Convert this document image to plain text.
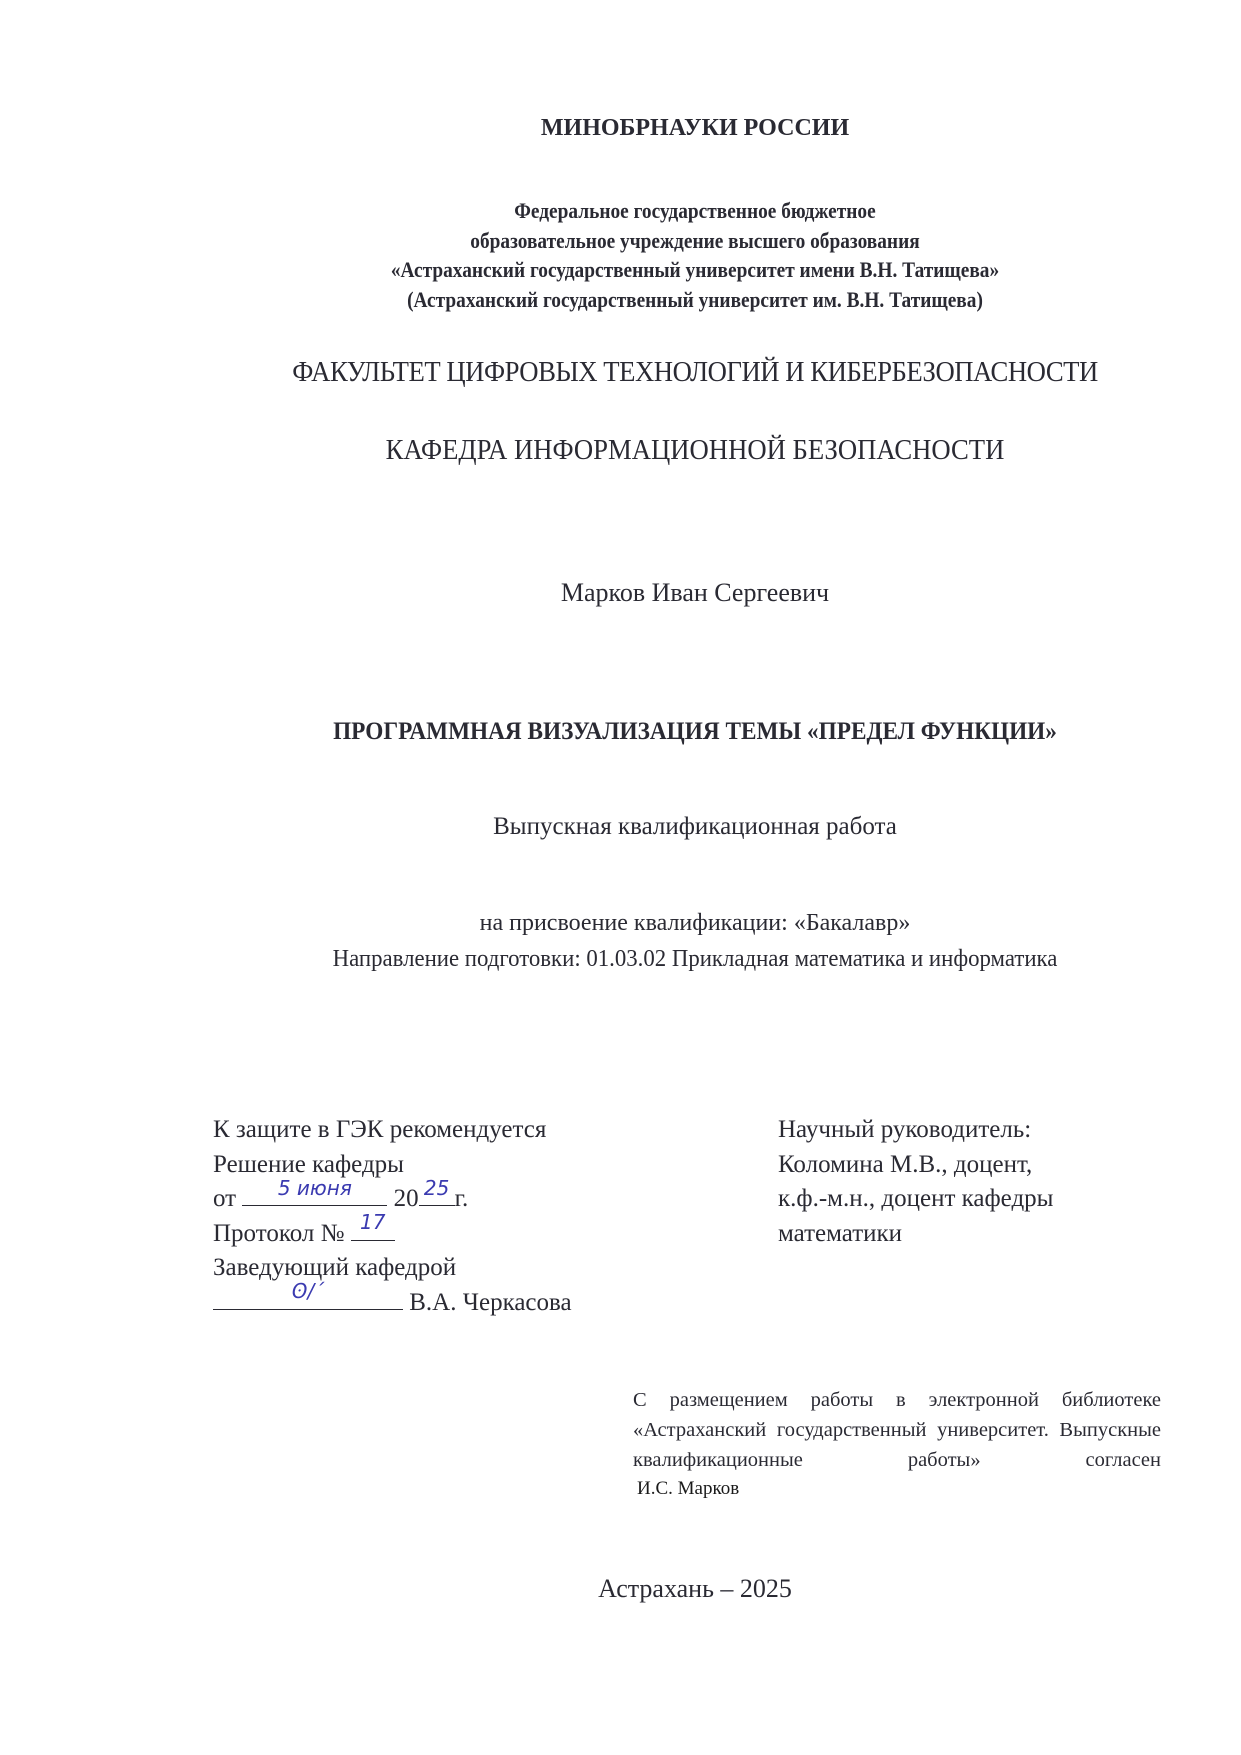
МИНОБРНАУКИ РОССИИ
Федеральное государственное бюджетное
образовательное учреждение высшего образования
«Астраханский государственный университет имени В.Н. Татищева»
(Астраханский государственный университет им. В.Н. Татищева)
ФАКУЛЬТЕТ ЦИФРОВЫХ ТЕХНОЛОГИЙ И КИБЕРБЕЗОПАСНОСТИ
КАФЕДРА ИНФОРМАЦИОННОЙ БЕЗОПАСНОСТИ
Марков Иван Сергеевич
ПРОГРАММНАЯ ВИЗУАЛИЗАЦИЯ ТЕМЫ «ПРЕДЕЛ ФУНКЦИИ»
Выпускная квалификационная работа
на присвоение квалификации: «Бакалавр»
Направление подготовки: 01.03.02 Прикладная математика и информатика
К защите в ГЭК рекомендуется
Решение кафедры
от	5 июня	20 25 г.
Протокол № 17
Заведующий кафедрой
ʘ/ˊ	В.А. Черкасова
Научный руководитель:
Коломина М.В., доцент,
к.ф.-м.н., доцент кафедры
математики
С размещением работы в электронной библиотеке «Астраханский государственный университет. Выпускные квалификационные работы» согласен
И.С. Марков
Астрахань – 2025
